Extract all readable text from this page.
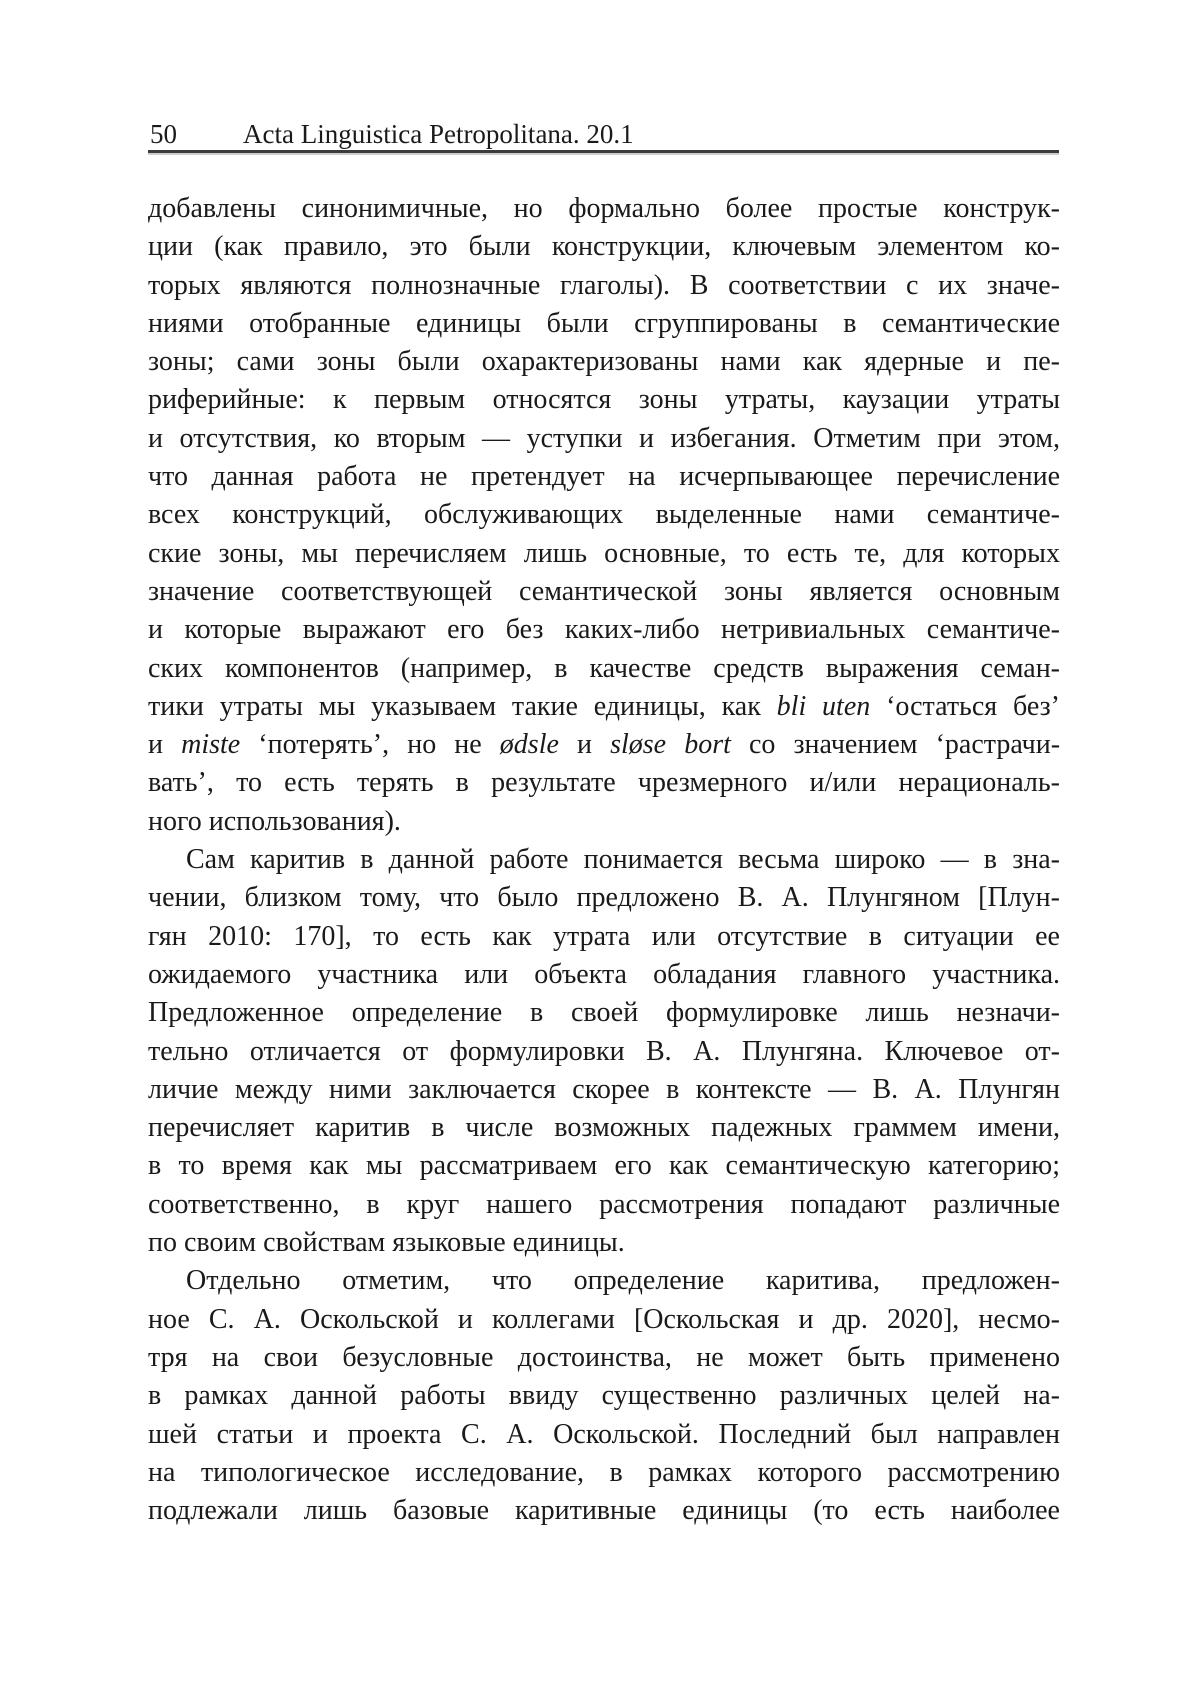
50 Acta Linguistica Petropolitana. 20.1
добавлены синонимичные, но формально более простые конструк-
ции (как правило, это были конструкции, ключевым элементом ко-
торых являются полнозначные глаголы). В соответствии с их значе-
ниями отобранные единицы были сгруппированы в семантические
зоны; сами зоны были охарактеризованы нами как ядерные и пе-
риферийные: к первым относятся зоны утраты, каузации утраты
и отсутствия, ко вторым — уступки и избегания. Отметим при этом,
что данная работа не претендует на исчерпывающее перечисление
всех конструкций, обслуживающих выделенные нами семантиче-
ские зоны, мы перечисляем лишь основные, то есть те, для которых
значение соответствующей семантической зоны является основным
и которые выражают его без каких-либо нетривиальных семантиче-
ских компонентов (например, в качестве средств выражения семан-
тики утраты мы указываем такие единицы, как bli uten ‘остаться без’
и miste ‘потерять’, но не ødsle и sløse bort со значением ‘растрачи-
вать’, то есть терять в результате чрезмерного и/или нерациональ-
ного использования).
Сам каритив в данной работе понимается весьма широко — в зна-
чении, близком тому, что было предложено В. А. Плунгяном [Плун-
гян 2010: 170], то есть как утрата или отсутствие в ситуации ее
ожидаемого участника или объекта обладания главного участника.
Предложенное определение в своей формулировке лишь незначи-
тельно отличается от формулировки В. А. Плунгяна. Ключевое от-
личие между ними заключается скорее в контексте — В. А. Плунгян
перечисляет каритив в числе возможных падежных граммем имени,
в то время как мы рассматриваем его как семантическую категорию;
соответственно, в круг нашего рассмотрения попадают различные
по своим свойствам языковые единицы.
Отдельно отметим, что определение каритива, предложен-
ное С. А. Оскольской и коллегами [Оскольская и др. 2020], несмо-
тря на свои безусловные достоинства, не может быть применено
в рамках данной работы ввиду существенно различных целей на-
шей статьи и проекта С. А. Оскольской. Последний был направлен
на типологическое исследование, в рамках которого рассмотрению
подлежали лишь базовые каритивные единицы (то есть наиболее
